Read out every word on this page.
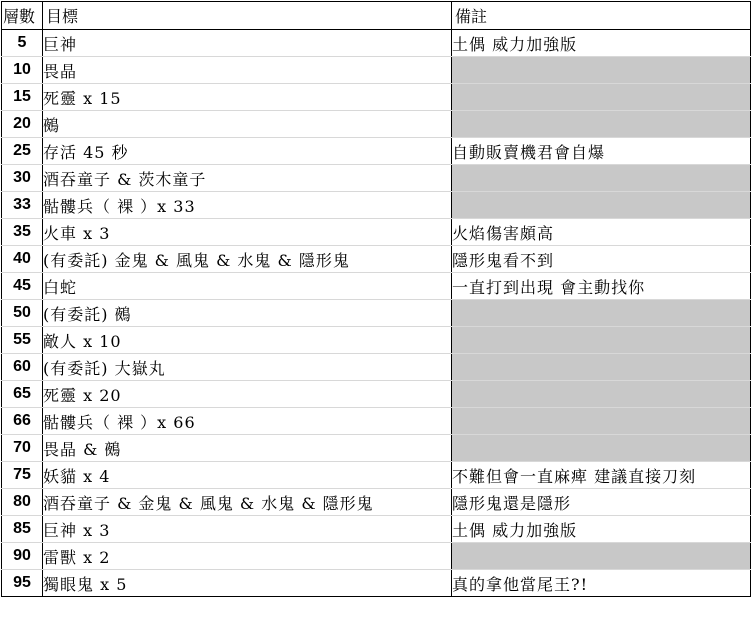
層數	目標	備註
5	巨神	土偶 威力加強版
10	畏晶	
15	死靈 x 15	
20	鵺	
25	存活 45 秒	自動販賣機君會自爆
30	酒吞童子 & 茨木童子	
33	骷髏兵（ 裸 ）x 33	
35	火車 x 3	火焰傷害頗高
40	(有委託) 金鬼 & 風鬼 & 水鬼 & 隱形鬼	隱形鬼看不到
45	白蛇	一直打到出現 會主動找你
50	(有委託) 鵺	
55	敵人 x 10	
60	(有委託) 大嶽丸	
65	死靈 x 20	
66	骷髏兵（ 裸 ）x 66	
70	畏晶 & 鵺	
75	妖貓 x 4	不難但會一直麻痺 建議直接刀刻
80	酒吞童子 & 金鬼 & 風鬼 & 水鬼 & 隱形鬼	隱形鬼還是隱形
85	巨神 x 3	土偶 威力加強版
90	雷獸 x 2	
95	獨眼鬼 x 5	真的拿他當尾王?!
